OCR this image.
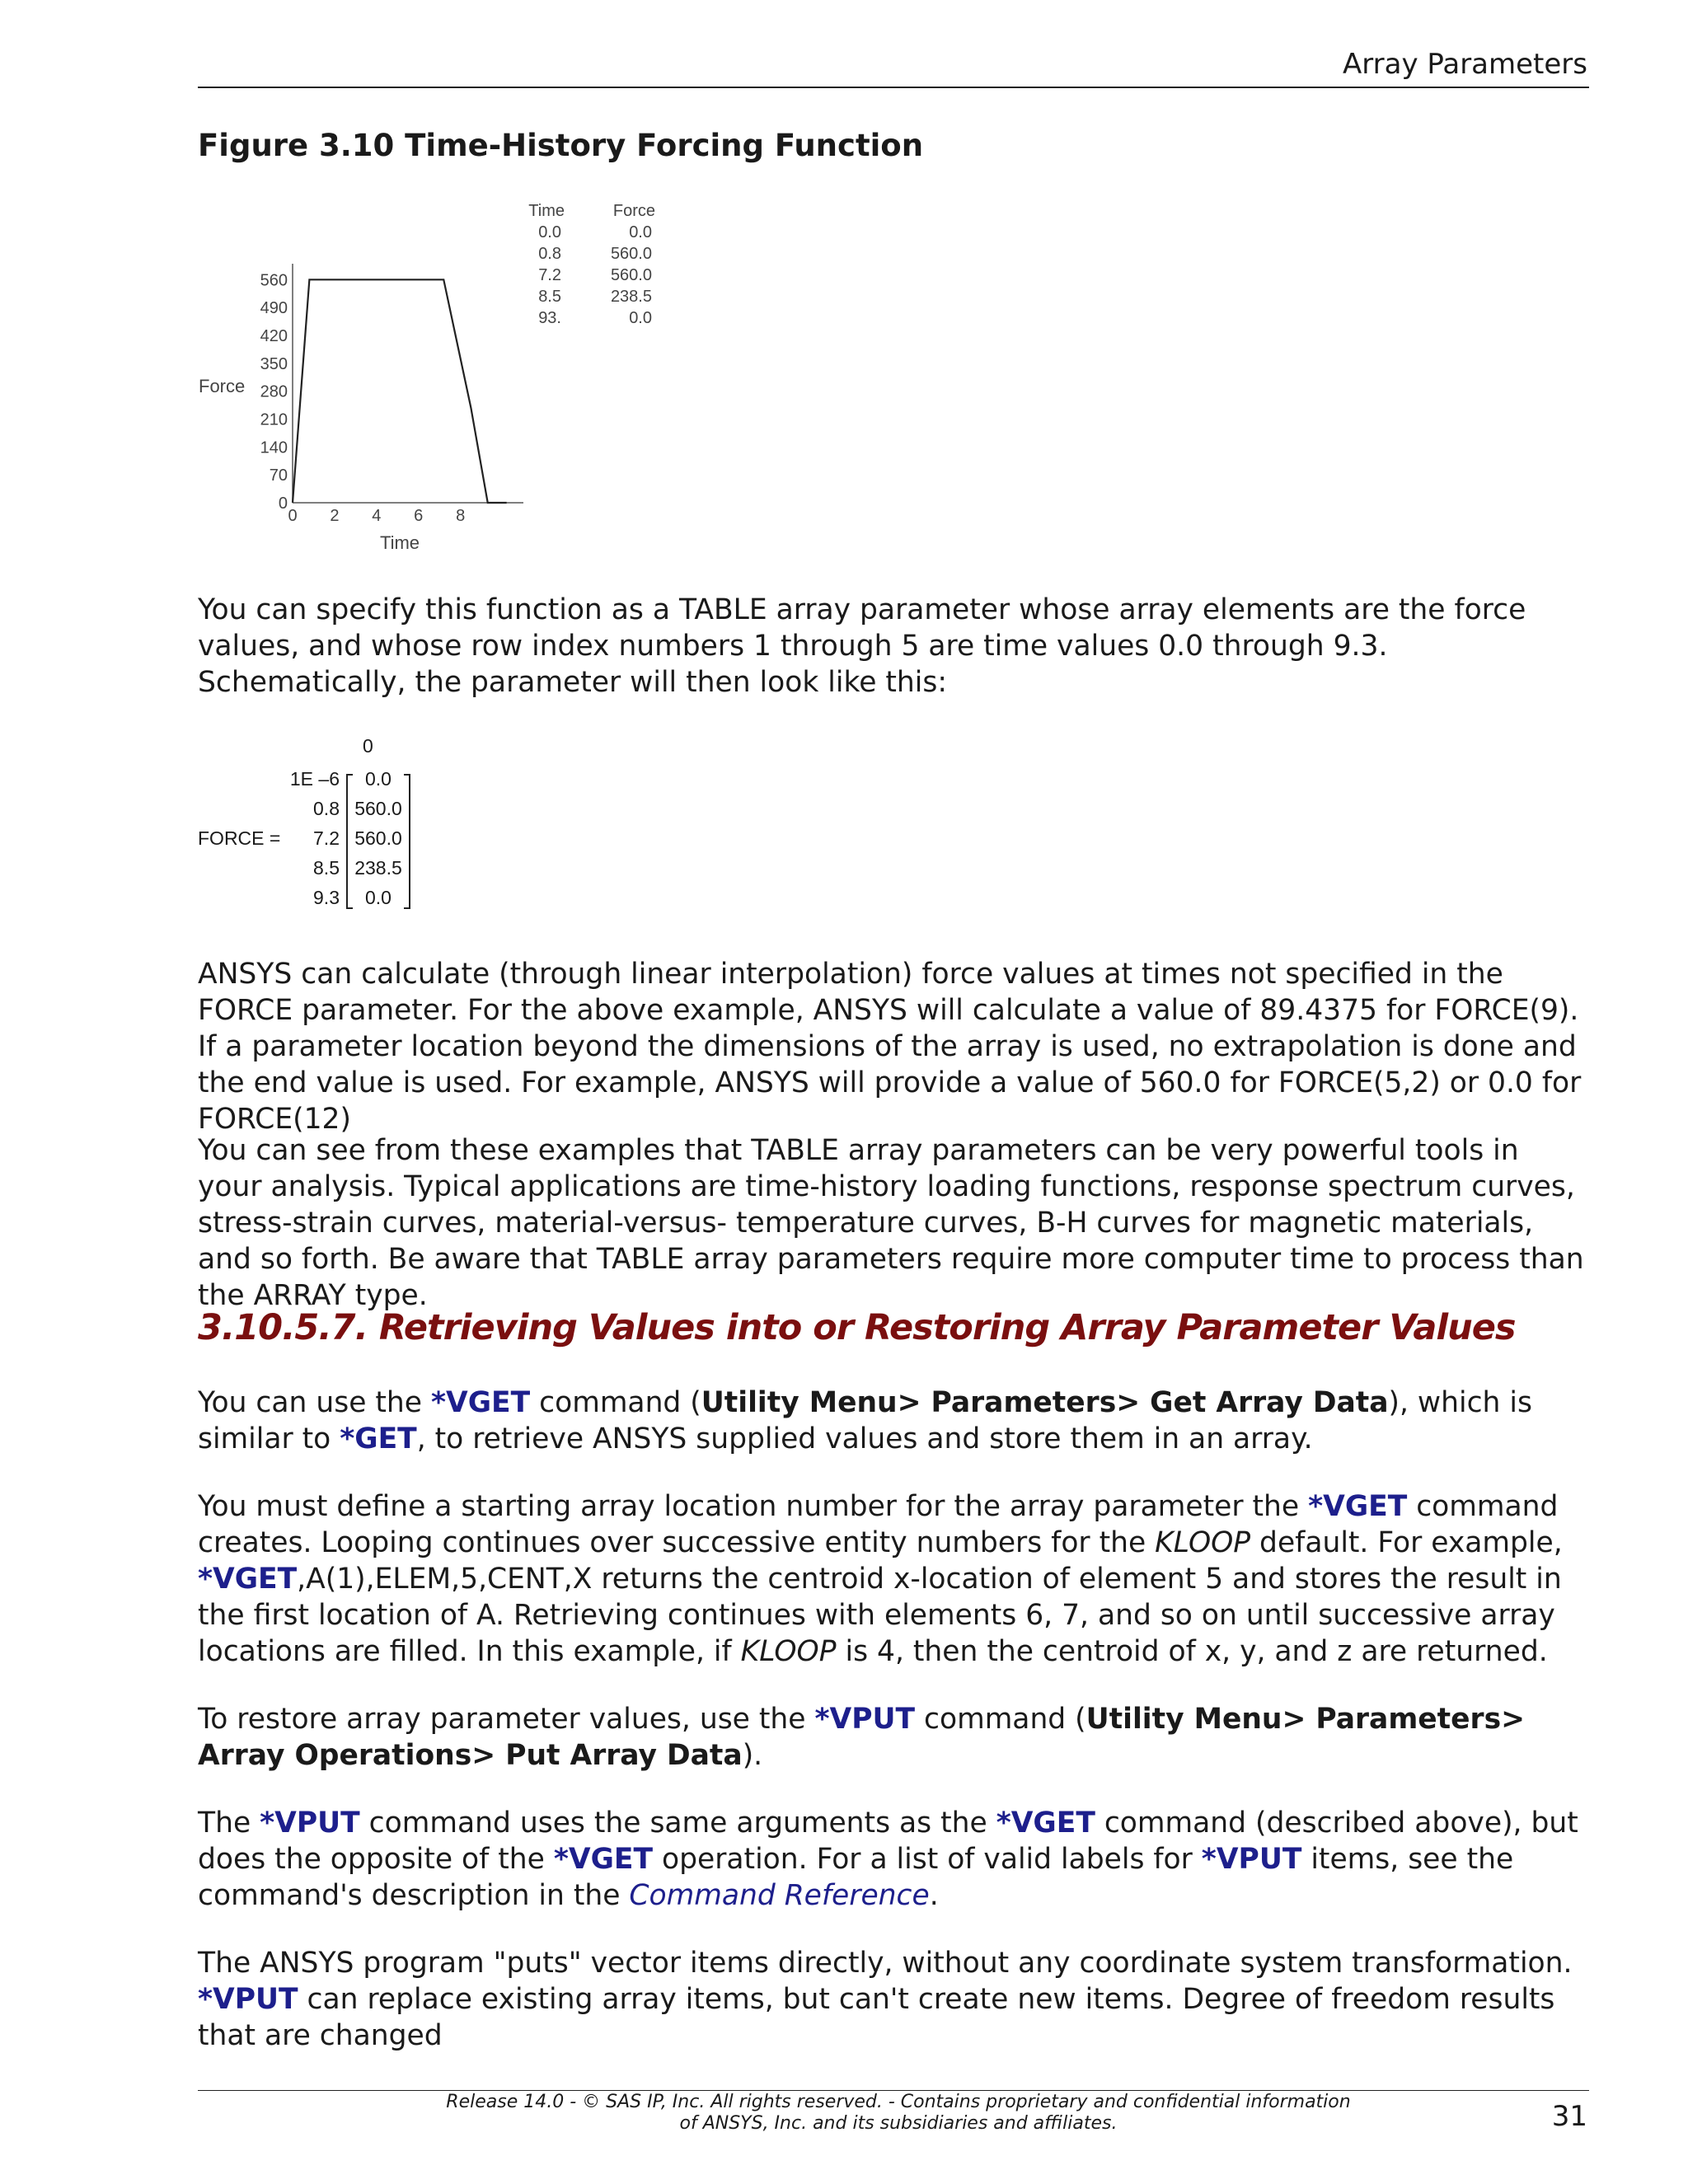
Array Parameters
Figure 3.10 Time-History Forcing Function
0
70
140
210
280
350
420
490
560
0 2 4 6 8
Time	Force
0.0	0.0
0.8	560.0
7.2	560.0
8.5	238.5
93.	0.0
Force
Time
You can specify this function as a TABLE array parameter whose array elements are the force values, and whose row index numbers 1 through 5 are time values 0.0 through 9.3. Schematically, the parameter will then look like this:
0
FORCE =
1E –6	0.0
0.8 560.0
7.2 560.0
8.5 238.5
9.3	0.0
ANSYS can calculate (through linear interpolation) force values at times not specified in the FORCE parameter. For the above example, ANSYS will calculate a value of 89.4375 for FORCE(9). If a parameter location beyond the dimensions of the array is used, no extrapolation is done and the end value is used. For example, ANSYS will provide a value of 560.0 for FORCE(5,2) or 0.0 for FORCE(12)
You can see from these examples that TABLE array parameters can be very powerful tools in your analysis. Typical applications are time-history loading functions, response spectrum curves, stress-strain curves, material-versus- temperature curves, B-H curves for magnetic materials, and so forth. Be aware that TABLE array parameters require more computer time to process than the ARRAY type.
3.10.5.7. Retrieving Values into or Restoring Array Parameter Values
You can use the *VGET command (Utility Menu> Parameters> Get Array Data), which is similar to *GET, to retrieve ANSYS supplied values and store them in an array.
You must define a starting array location number for the array parameter the *VGET command creates. Looping continues over successive entity numbers for the KLOOP default. For example, *VGET,A(1),ELEM,5,CENT,X returns the centroid x-location of element 5 and stores the result in the first location of A. Retrieving continues with elements 6, 7, and so on until successive array locations are filled. In this example, if KLOOP is 4, then the centroid of x, y, and z are returned.
To restore array parameter values, use the *VPUT command (Utility Menu> Parameters> Array Operations> Put Array Data).
The *VPUT command uses the same arguments as the *VGET command (described above), but does the opposite of the *VGET operation. For a list of valid labels for *VPUT items, see the command's description in the Command Reference.
The ANSYS program "puts" vector items directly, without any coordinate system transformation. *VPUT can replace existing array items, but can't create new items. Degree of freedom results that are changed
Release 14.0 - © SAS IP, Inc. All rights reserved. - Contains proprietary and confidential information
of ANSYS, Inc. and its subsidiaries and affiliates.	31
